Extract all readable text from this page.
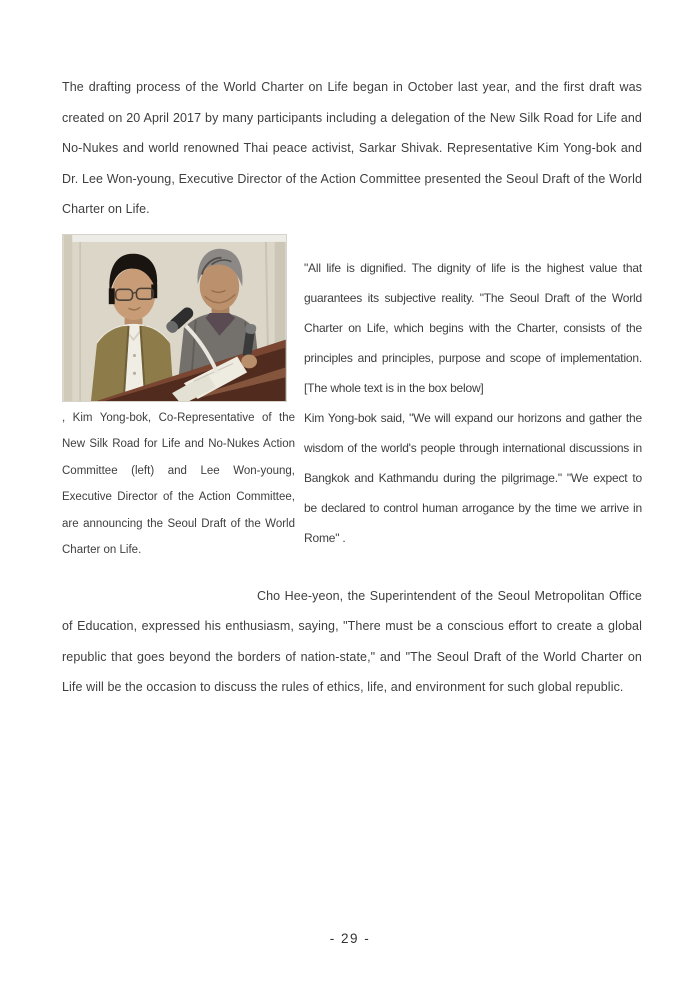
The drafting process of the World Charter on Life began in October last year, and the first draft was created on 20 April 2017 by many participants including a delegation of the New Silk Road for Life and No-Nukes and world renowned Thai peace activist, Sarkar Shivak. Representative Kim Yong-bok and Dr. Lee Won-young, Executive Director of the Action Committee presented the Seoul Draft of the World Charter on Life.

, Kim Yong-bok, Co-Representative of the New Silk Road for Life and No-Nukes Action Committee (left) and Lee Won-young, Executive Director of the Action Committee, are announcing the Seoul Draft of the World Charter on Life.

"All life is dignified. The dignity of life is the highest value that guarantees its subjective reality. "The Seoul Draft of the World Charter on Life, which begins with the Charter, consists of the principles and principles, purpose and scope of implementation. [The whole text is in the box below]

Kim Yong-bok said, "We will expand our horizons and gather the wisdom of the world's people through international discussions in Bangkok and Kathmandu during the pilgrimage." "We expect to be declared to control human arrogance by the time we arrive in Rome" .

Cho Hee-yeon, the Superintendent of the Seoul Metropolitan Office of Education, expressed his enthusiasm, saying, "There must be a conscious effort to create a global republic that goes beyond the borders of nation-state," and "The Seoul Draft of the World Charter on Life will be the occasion to discuss the rules of ethics, life, and environment for such global republic.

- 29 -
